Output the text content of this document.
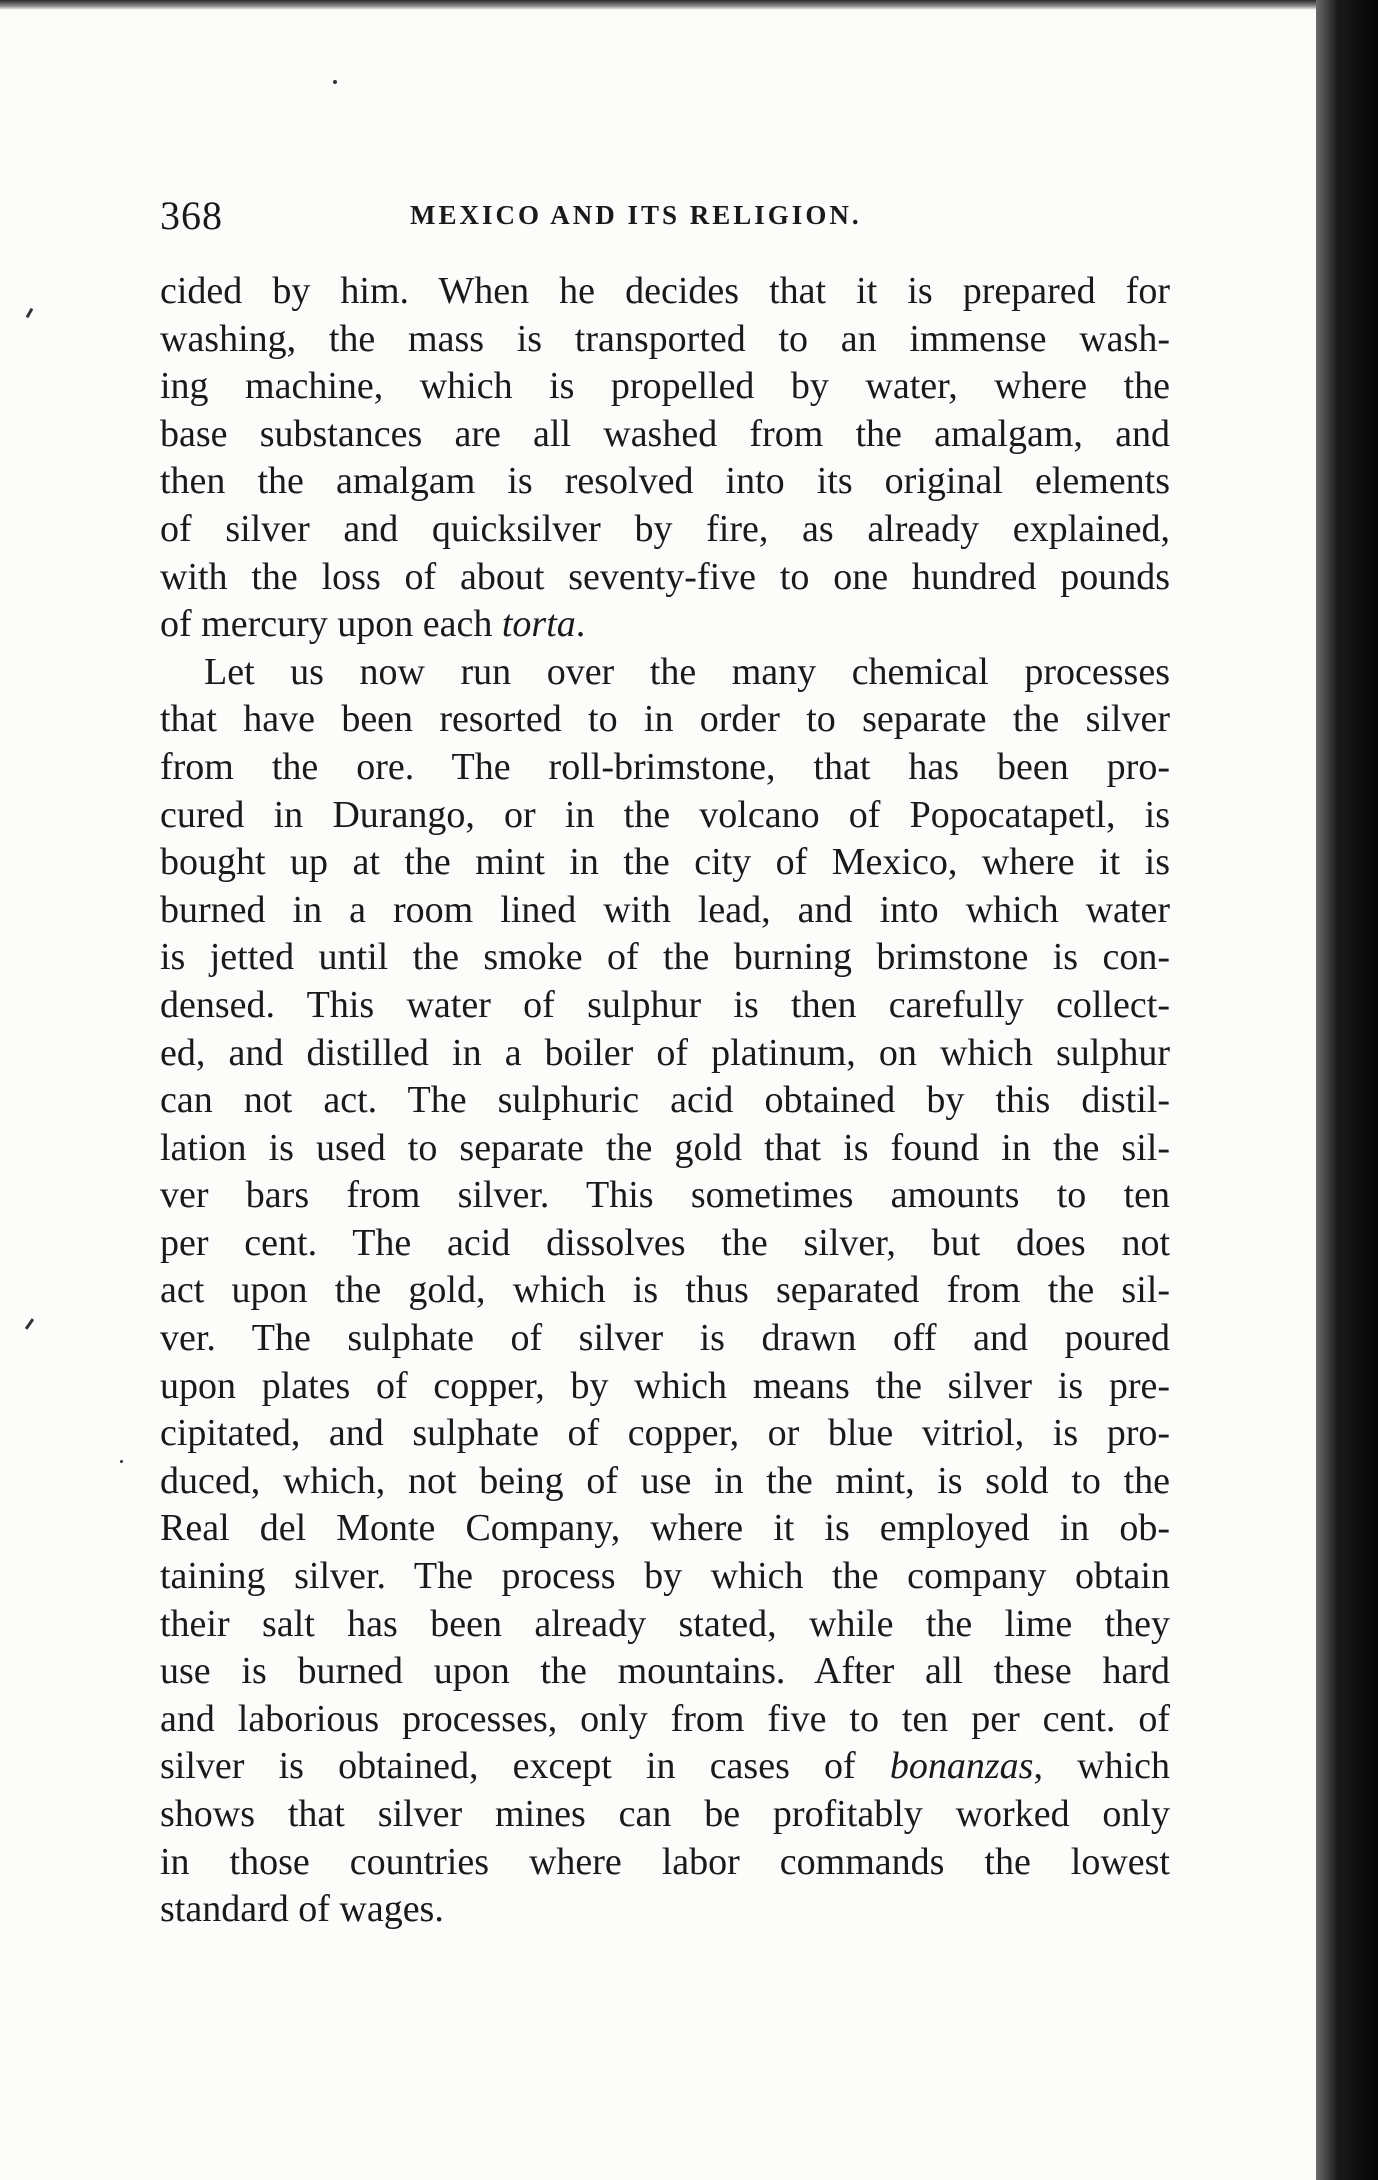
368	MEXICO AND ITS RELIGION.
cided by him. When he decides that it is prepared for
washing, the mass is transported to an immense wash-
ing machine, which is propelled by water, where the
base substances are all washed from the amalgam, and
then the amalgam is resolved into its original elements
of silver and quicksilver by fire, as already explained,
with the loss of about seventy-five to one hundred pounds
of mercury upon each torta.
Let us now run over the many chemical processes
that have been resorted to in order to separate the silver
from the ore. The roll-brimstone, that has been pro-
cured in Durango, or in the volcano of Popocatapetl, is
bought up at the mint in the city of Mexico, where it is
burned in a room lined with lead, and into which water
is jetted until the smoke of the burning brimstone is con-
densed. This water of sulphur is then carefully collect-
ed, and distilled in a boiler of platinum, on which sulphur
can not act. The sulphuric acid obtained by this distil-
lation is used to separate the gold that is found in the sil-
ver bars from silver. This sometimes amounts to ten
per cent. The acid dissolves the silver, but does not
act upon the gold, which is thus separated from the sil-
ver. The sulphate of silver is drawn off and poured
upon plates of copper, by which means the silver is pre-
cipitated, and sulphate of copper, or blue vitriol, is pro-
duced, which, not being of use in the mint, is sold to the
Real del Monte Company, where it is employed in ob-
taining silver. The process by which the company obtain
their salt has been already stated, while the lime they
use is burned upon the mountains. After all these hard
and laborious processes, only from five to ten per cent. of
silver is obtained, except in cases of bonanzas, which
shows that silver mines can be profitably worked only
in those countries where labor commands the lowest
standard of wages.
